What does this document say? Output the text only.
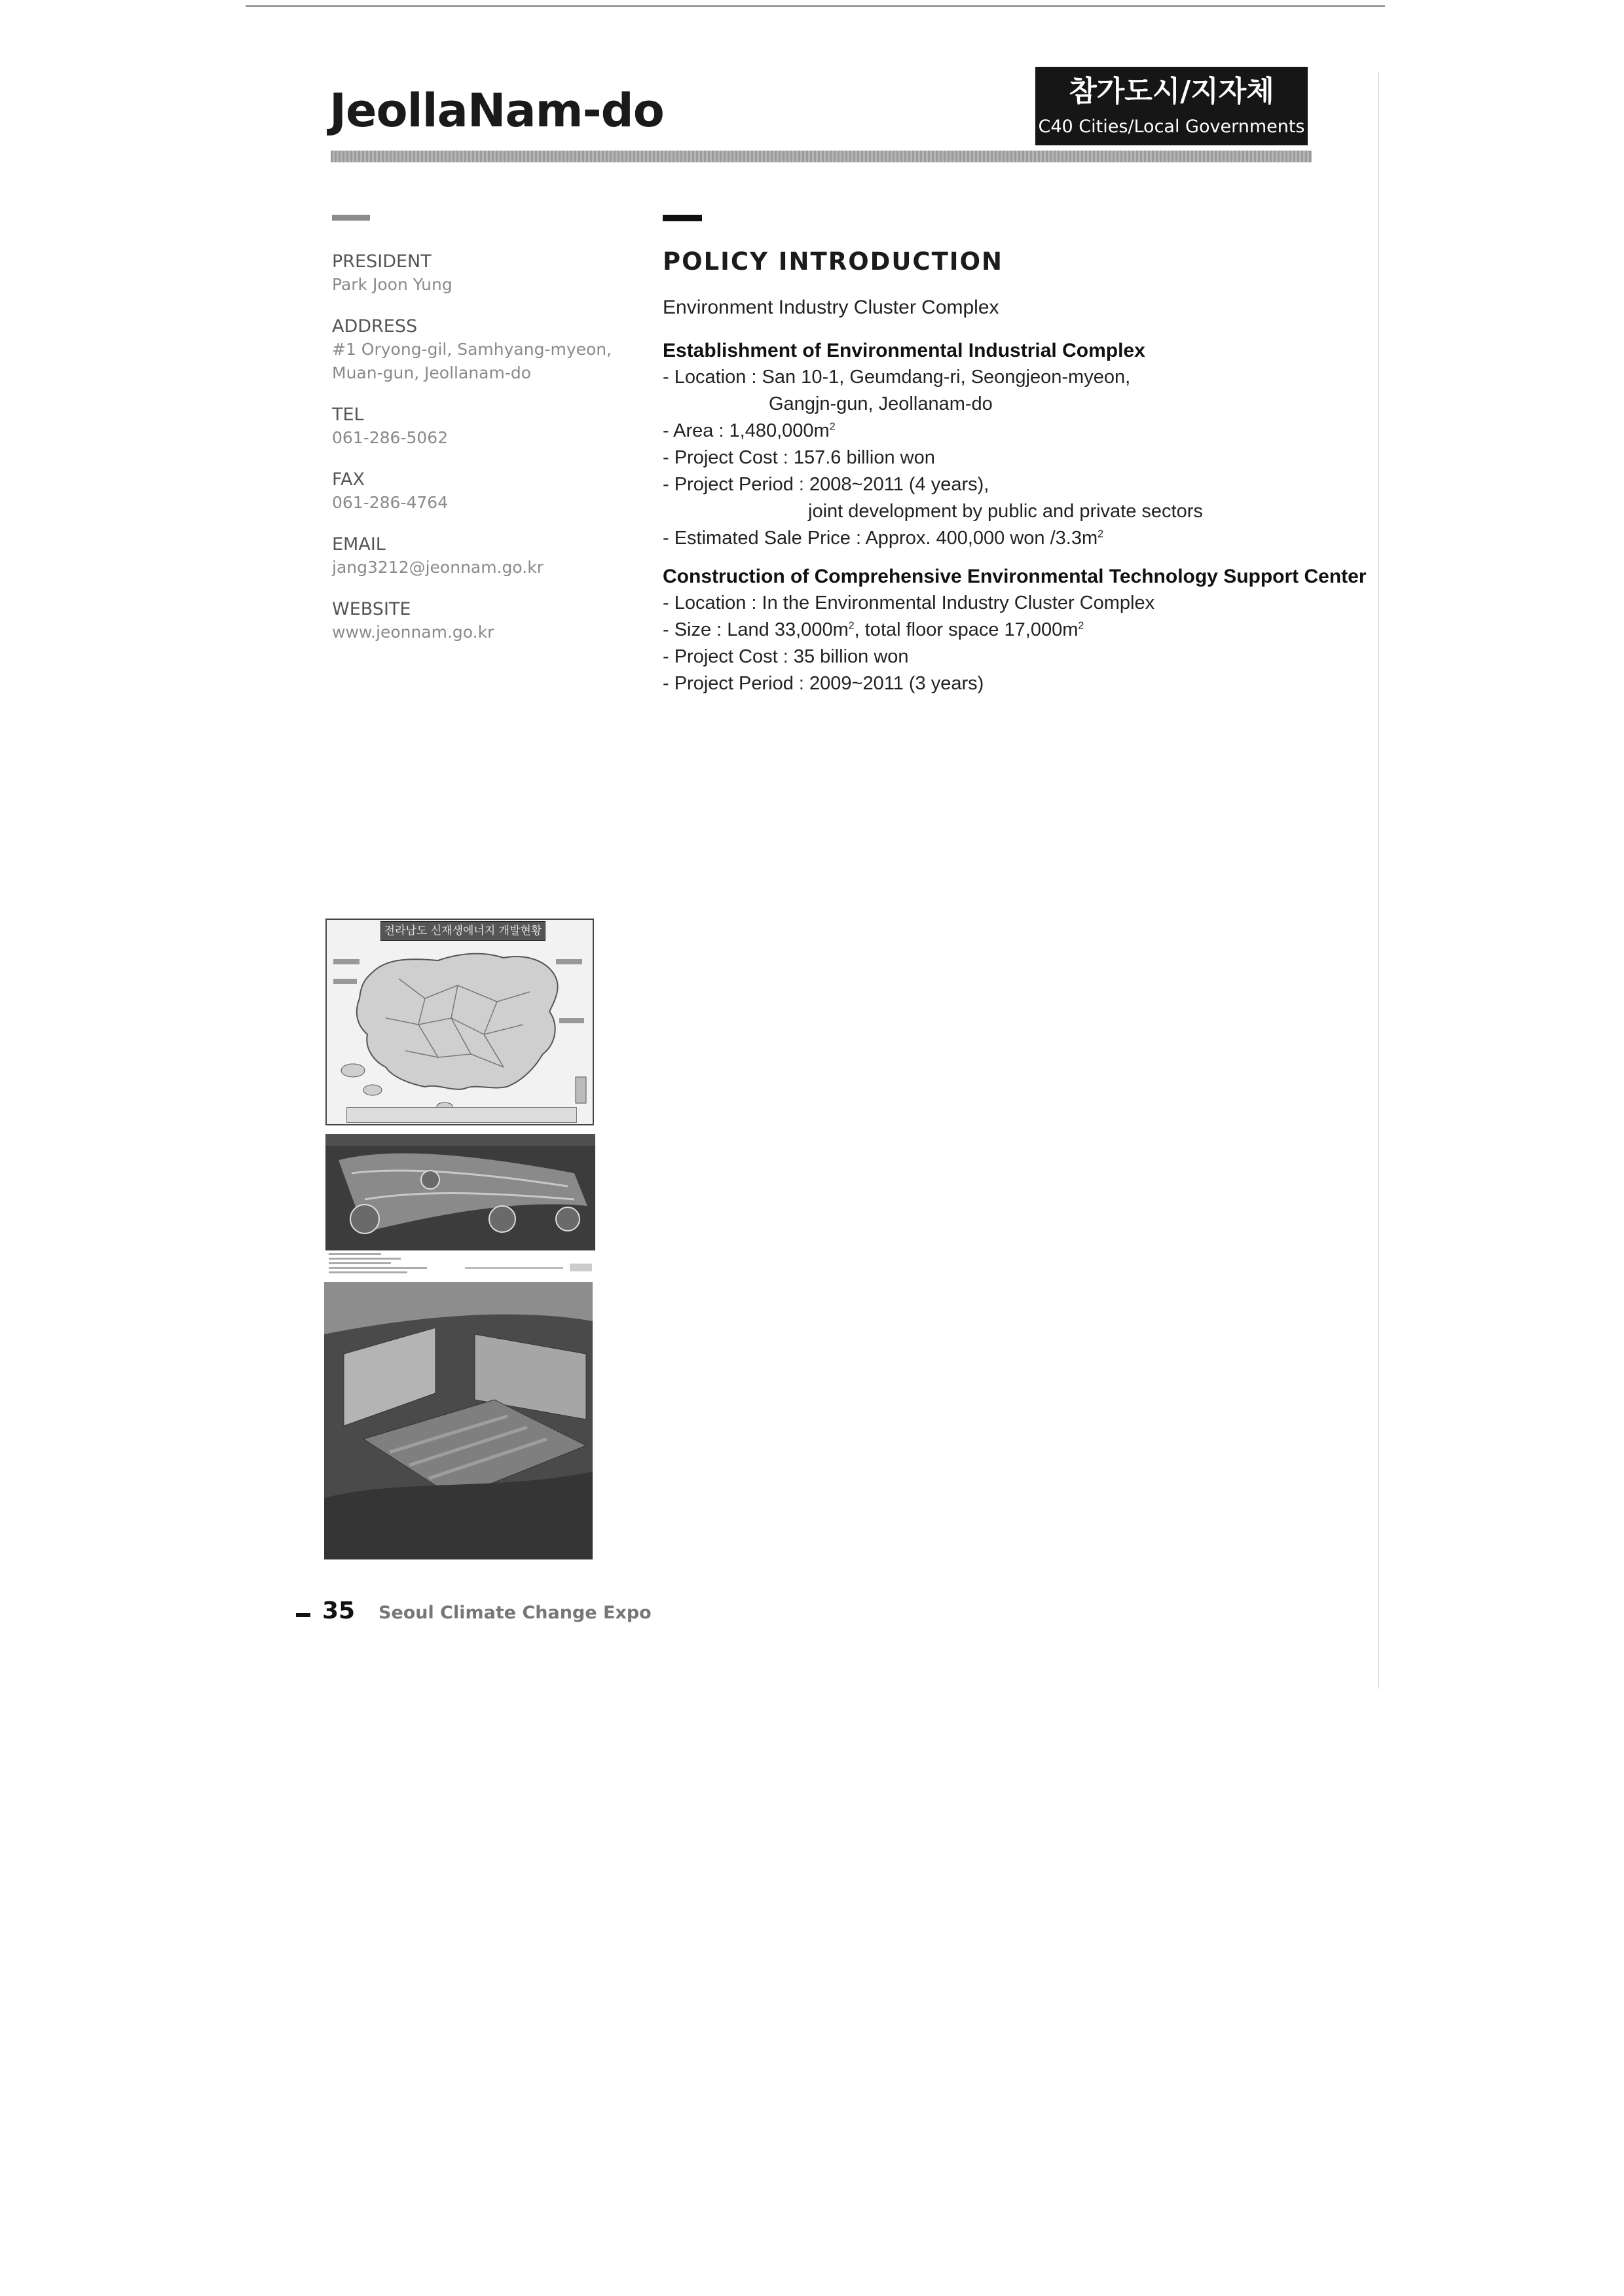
JeollaNam-do	참가도시/지자체
C40 Cities/Local Governments

PRESIDENT

Park Joon Yung

ADDRESS

#1 Oryong-gil, Samhyang-myeon,
Muan-gun, Jeollanam-do

TEL

061-286-5062

FAX

061-286-4764

EMAIL

jang3212@jeonnam.go.kr

WEBSITE

www.jeonnam.go.kr

POLICY INTRODUCTION

Environment Industry Cluster Complex

Establishment of Environmental Industrial Complex

- Location : San 10-1, Geumdang-ri, Seongjeon-myeon,

Gangjn-gun, Jeollanam-do

- Area : $1,480,000m^2$

- Project Cost : 157.6 billion won

- Project Period : 2008~2011 (4 years),

joint development by public and private sectors

- Estimated Sale Price : Approx. 400,000 won $/3.3m^2$

Construction of Comprehensive Environmental Technology Support Center

- Location : In the Environmental Industry Cluster Complex

- Size : Land $33,000m^2$, total floor space $17,000m^2$

- Project Cost : 35 billion won

- Project Period : 2009~2011 (3 years)

전라남도 신재생에너지 개발현황
35 Seoul Climate Change Expo
